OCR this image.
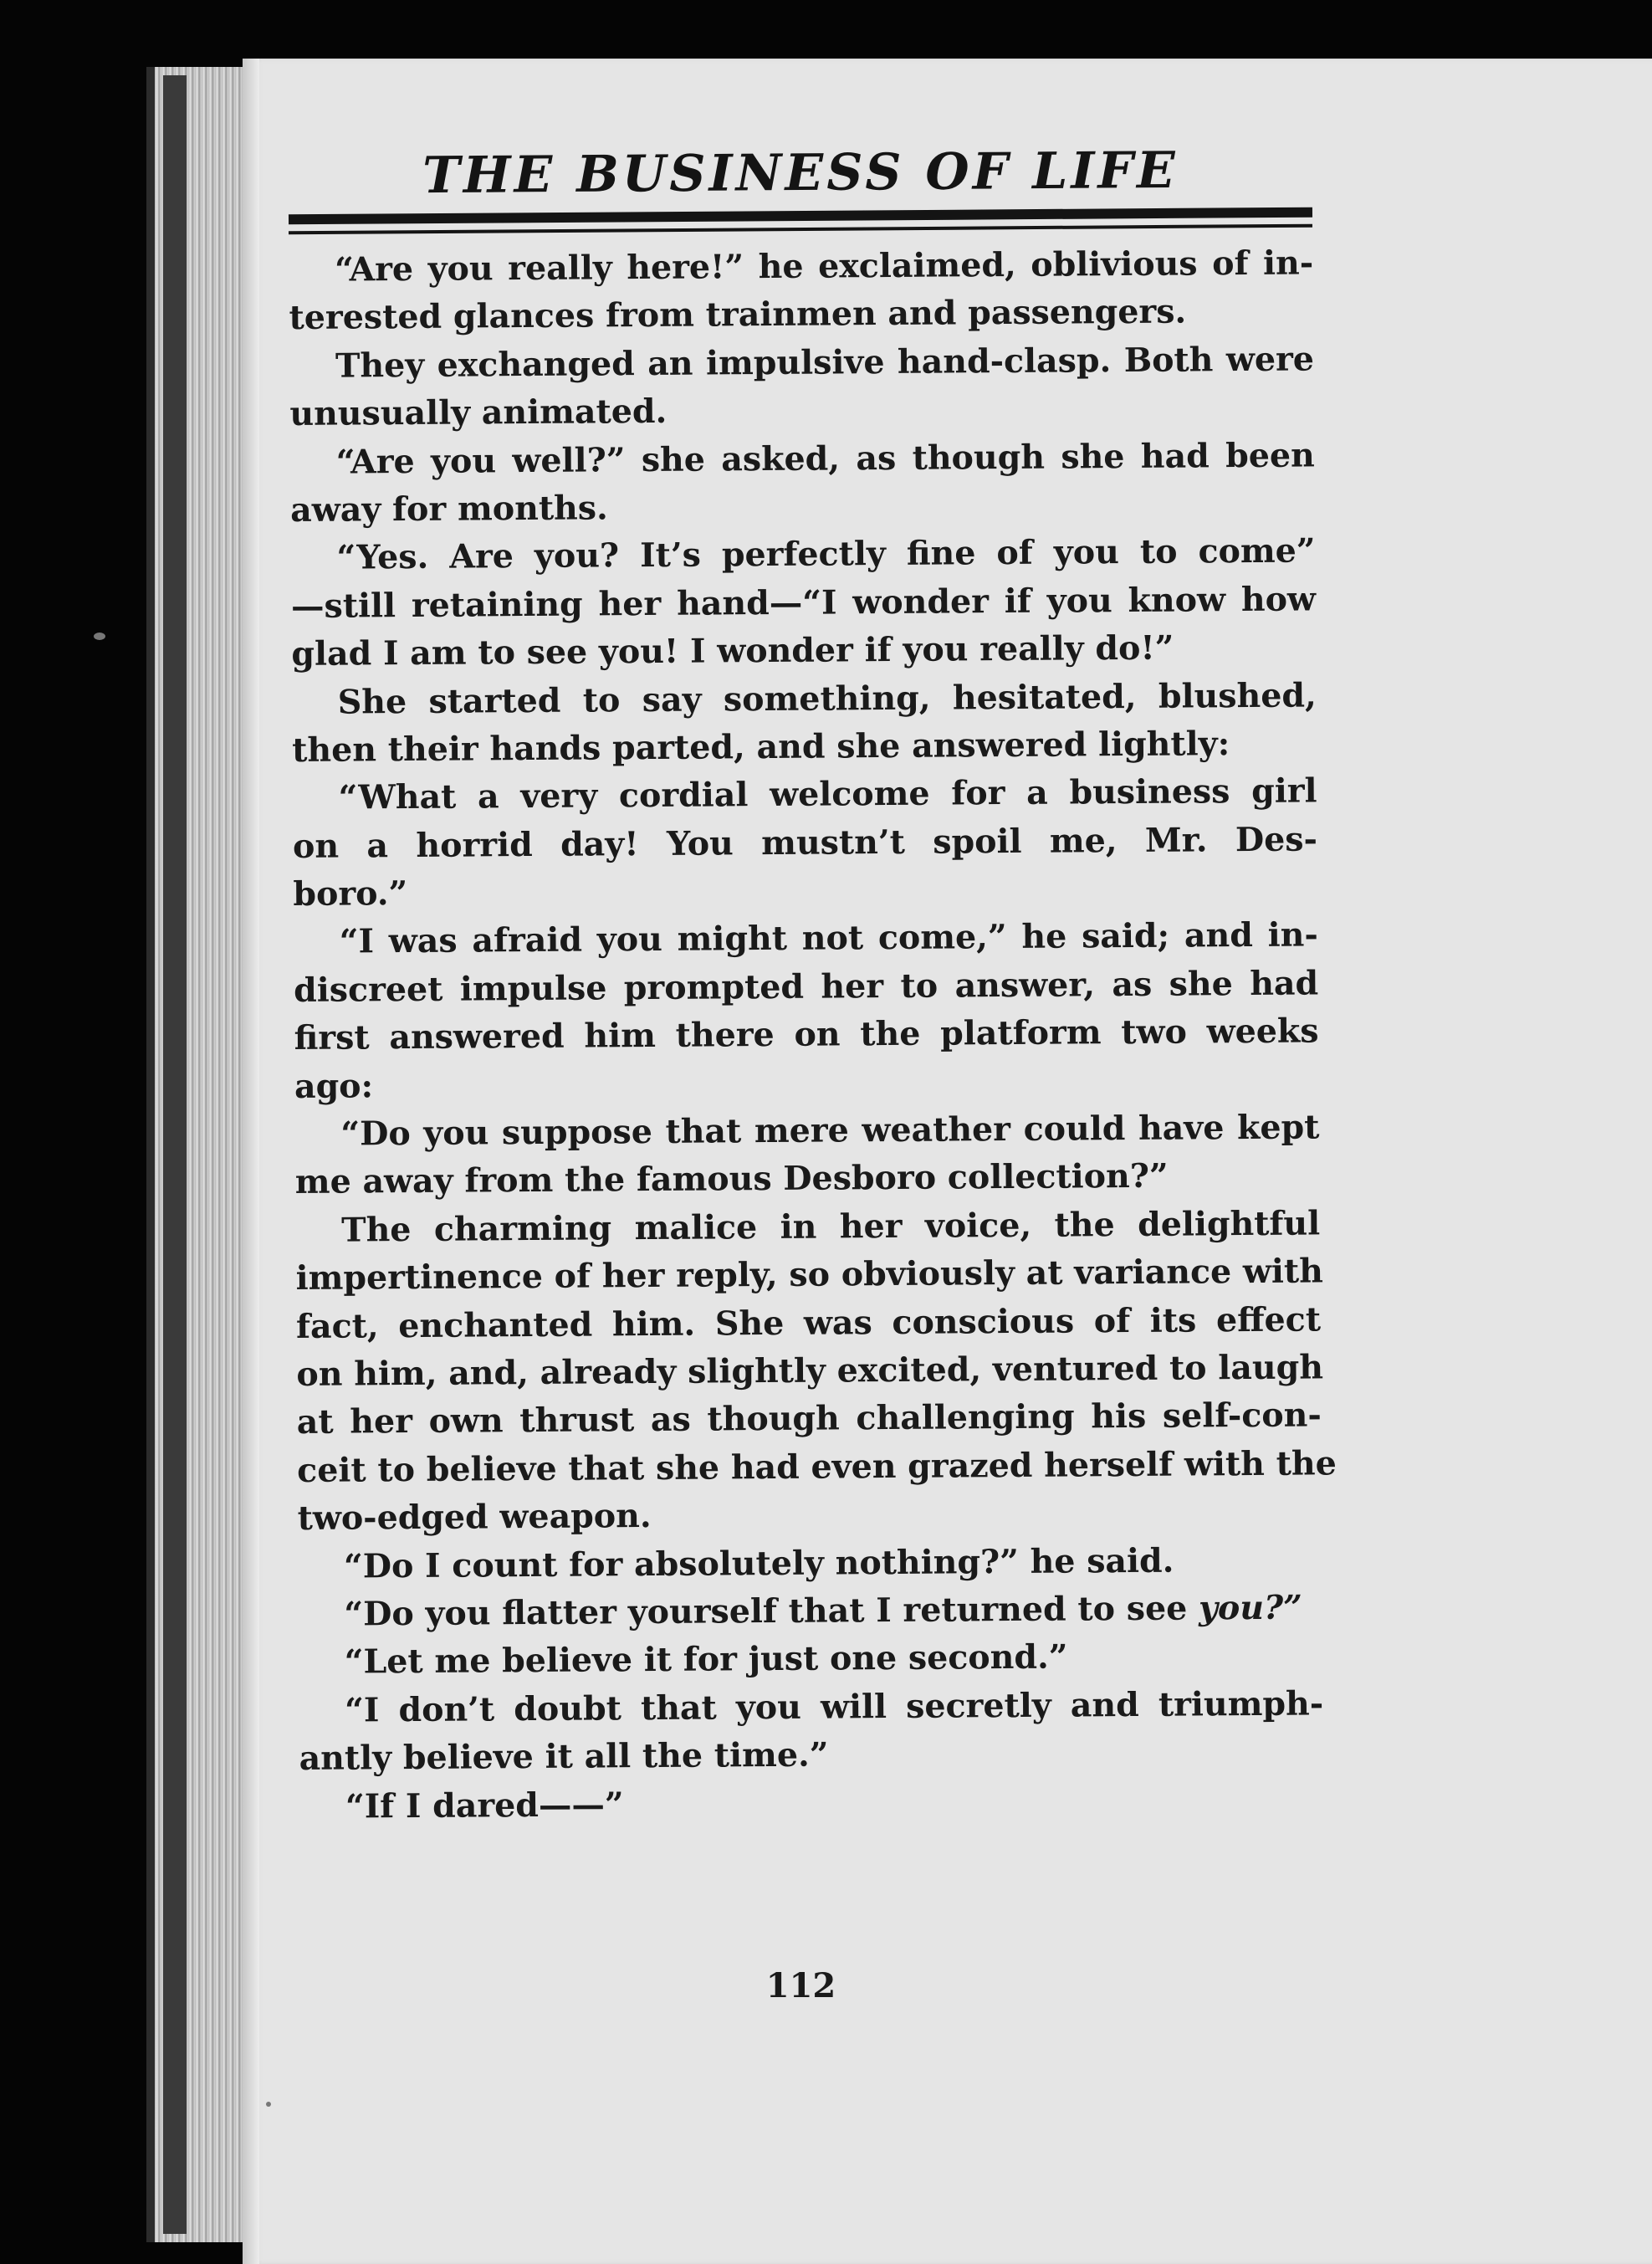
THE BUSINESS OF LIFE
“Are you really here!” he exclaimed, oblivious of in-
terested glances from trainmen and passengers.
They exchanged an impulsive hand-clasp. Both were
unusually animated.
“Are you well?” she asked, as though she had been
away for months.
“Yes. Are you? It’s perfectly fine of you to come”
—still retaining her hand—“I wonder if you know how
glad I am to see you! I wonder if you really do!”
She started to say something, hesitated, blushed,
then their hands parted, and she answered lightly:
“What a very cordial welcome for a business girl
on a horrid day! You mustn’t spoil me, Mr. Des-
boro.”
“I was afraid you might not come,” he said; and in-
discreet impulse prompted her to answer, as she had
first answered him there on the platform two weeks
ago:
“Do you suppose that mere weather could have kept
me away from the famous Desboro collection?”
The charming malice in her voice, the delightful
impertinence of her reply, so obviously at variance with
fact, enchanted him. She was conscious of its effect
on him, and, already slightly excited, ventured to laugh
at her own thrust as though challenging his self-con-
ceit to believe that she had even grazed herself with the
two-edged weapon.
“Do I count for absolutely nothing?” he said.
“Do you flatter yourself that I returned to see you?”
“Let me believe it for just one second.”
“I don’t doubt that you will secretly and triumph-
antly believe it all the time.”
“If I dared——”
112
